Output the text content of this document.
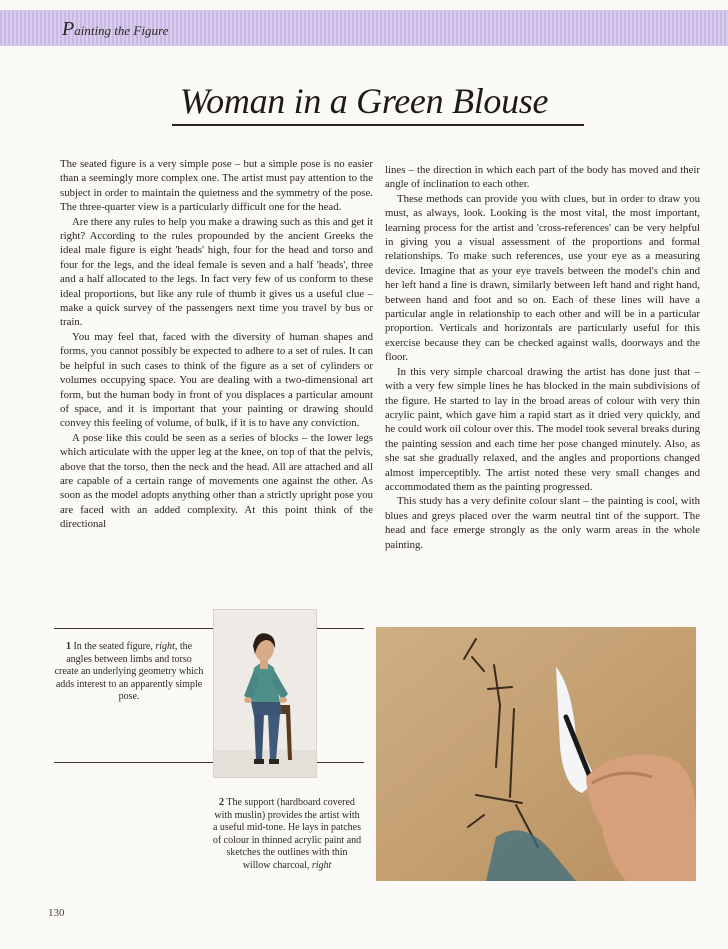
Painting the Figure
Woman in a Green Blouse

The seated figure is a very simple pose – but a simple pose is no easier than a seemingly more complex one. The artist must pay attention to the subject in order to maintain the quietness and the symmetry of the pose. The three-quarter view is a particularly difficult one for the head.

Are there any rules to help you make a drawing such as this and get it right? According to the rules propounded by the ancient Greeks the ideal male figure is eight 'heads' high, four for the head and torso and four for the legs, and the ideal female is seven and a half 'heads', three and a half allocated to the legs. In fact very few of us conform to these ideal proportions, but like any rule of thumb it gives us a useful clue – make a quick survey of the passengers next time you travel by bus or train.

You may feel that, faced with the diversity of human shapes and forms, you cannot possibly be expected to adhere to a set of rules. It can be helpful in such cases to think of the figure as a set of cylinders or volumes occupying space. You are dealing with a two-dimensional art form, but the human body in front of you displaces a particular amount of space, and it is important that your painting or drawing should convey this feeling of volume, of bulk, if it is to have any conviction.

A pose like this could be seen as a series of blocks – the lower legs which articulate with the upper leg at the knee, on top of that the pelvis, above that the torso, then the neck and the head. All are attached and all are capable of a certain range of movements one against the other. As soon as the model adopts anything other than a strictly upright pose you are faced with an added complexity. At this point think of the directional

lines – the direction in which each part of the body has moved and their angle of inclination to each other.

These methods can provide you with clues, but in order to draw you must, as always, look. Looking is the most vital, the most important, learning process for the artist and 'cross-references' can be very helpful in giving you a visual assessment of the proportions and formal relationships. To make such references, use your eye as a measuring device. Imagine that as your eye travels between the model's chin and her left hand a line is drawn, similarly between left hand and right hand, between hand and foot and so on. Each of these lines will have a particular angle in relationship to each other and will be in a particular proportion. Verticals and horizontals are particularly useful for this exercise because they can be checked against walls, doorways and the floor.

In this very simple charcoal drawing the artist has done just that – with a very few simple lines he has blocked in the main subdivisions of the figure. He started to lay in the broad areas of colour with very thin acrylic paint, which gave him a rapid start as it dried very quickly, and he could work oil colour over this. The model took several breaks during the painting session and each time her pose changed minutely. Also, as she sat she gradually relaxed, and the angles and proportions changed almost imperceptibly. The artist noted these very small changes and accommodated them as the painting progressed.

This study has a very definite colour slant – the painting is cool, with blues and greys placed over the warm neutral tint of the support. The head and face emerge strongly as the only warm areas in the whole painting.

1 In the seated figure, right, the angles between limbs and torso create an underlying geometry which adds interest to an apparently simple pose.
2 The support (hardboard covered with muslin) provides the artist with a useful mid-tone. He lays in patches of colour in thinned acrylic paint and sketches the outlines with thin willow charcoal, right
130
